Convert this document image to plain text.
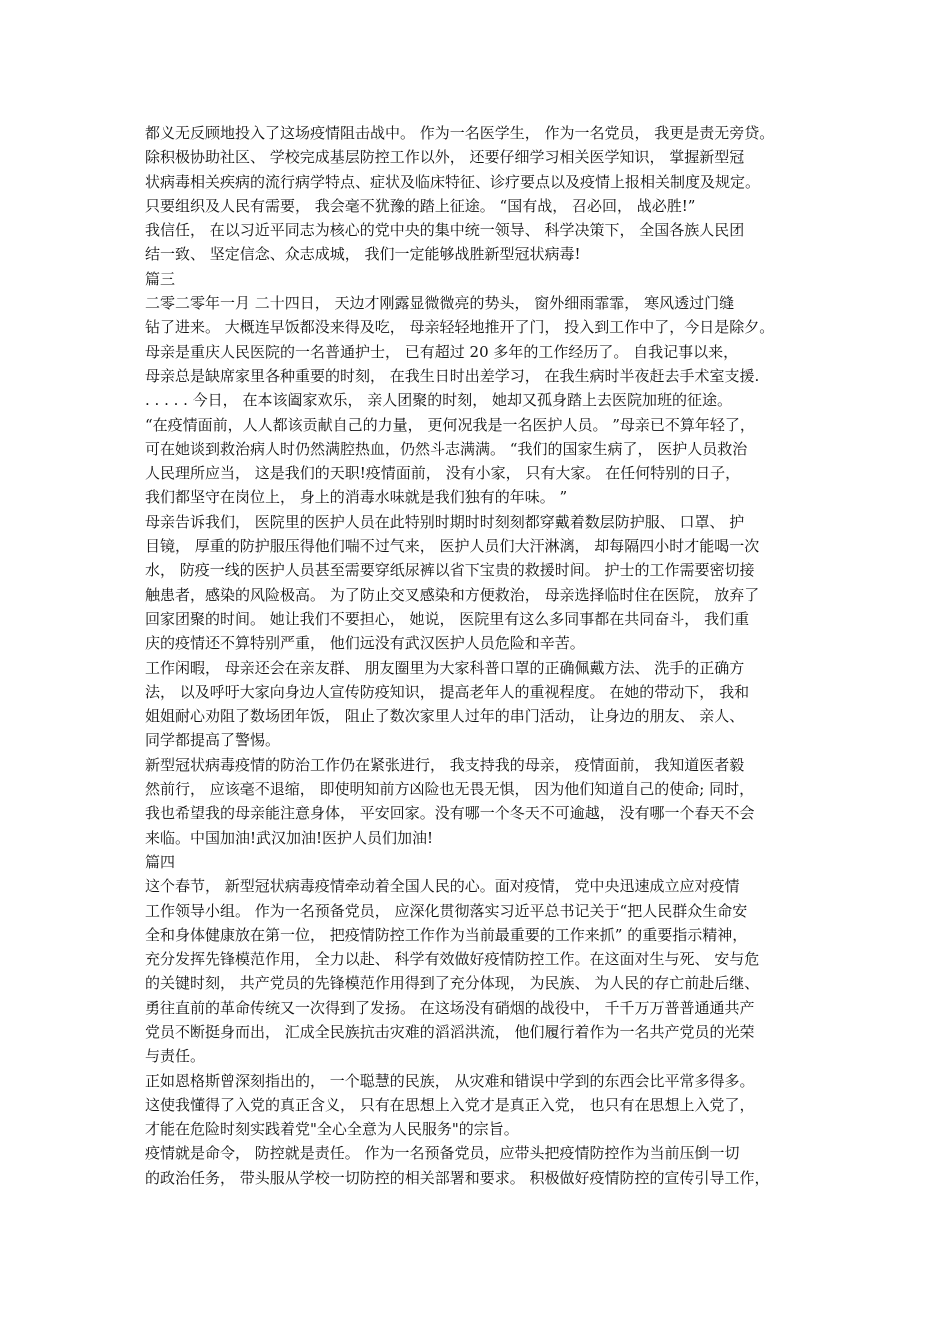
都义无反顾地投入了这场疫情阻击战中。 作为一名医学生， 作为一名党员， 我更是责无旁贷。
除积极协助社区、 学校完成基层防控工作以外， 还要仔细学习相关医学知识， 掌握新型冠
状病毒相关疾病的流行病学特点、症状及临床特征、诊疗要点以及疫情上报相关制度及规定。
只要组织及人民有需要， 我会毫不犹豫的踏上征途。 “国有战， 召必回， 战必胜!”
我信任， 在以习近平同志为核心的党中央的集中统一领导、 科学决策下， 全国各族人民团
结一致、 坚定信念、众志成城， 我们一定能够战胜新型冠状病毒!
篇三
二零二零年一月 二十四日， 天边才刚露显微微亮的势头， 窗外细雨霏霏， 寒风透过门缝
钻了进来。 大概连早饭都没来得及吃， 母亲轻轻地推开了门， 投入到工作中了，今日是除夕。
母亲是重庆人民医院的一名普通护士， 已有超过 20 多年的工作经历了。 自我记事以来，
母亲总是缺席家里各种重要的时刻， 在我生日时出差学习， 在我生病时半夜赶去手术室支援.
. . . . . 今日， 在本该阖家欢乐， 亲人团聚的时刻， 她却又孤身踏上去医院加班的征途。
“在疫情面前，人人都该贡献自己的力量， 更何况我是一名医护人员。 ”母亲已不算年轻了，
可在她谈到救治病人时仍然满腔热血，仍然斗志满满。 “我们的国家生病了， 医护人员救治
人民理所应当， 这是我们的天职!疫情面前， 没有小家， 只有大家。 在任何特别的日子，
我们都坚守在岗位上， 身上的消毒水味就是我们独有的年味。 ”
母亲告诉我们， 医院里的医护人员在此特别时期时时刻刻都穿戴着数层防护服、 口罩、 护
目镜， 厚重的防护服压得他们喘不过气来， 医护人员们大汗淋漓， 却每隔四小时才能喝一次
水， 防疫一线的医护人员甚至需要穿纸尿裤以省下宝贵的救援时间。 护士的工作需要密切接
触患者，感染的风险极高。 为了防止交叉感染和方便救治， 母亲选择临时住在医院， 放弃了
回家团聚的时间。 她让我们不要担心， 她说， 医院里有这么多同事都在共同奋斗， 我们重
庆的疫情还不算特别严重， 他们远没有武汉医护人员危险和辛苦。
工作闲暇， 母亲还会在亲友群、 朋友圈里为大家科普口罩的正确佩戴方法、 洗手的正确方
法， 以及呼吁大家向身边人宣传防疫知识， 提高老年人的重视程度。 在她的带动下， 我和
姐姐耐心劝阻了数场团年饭， 阻止了数次家里人过年的串门活动， 让身边的朋友、 亲人、
同学都提高了警惕。
新型冠状病毒疫情的防治工作仍在紧张进行， 我支持我的母亲， 疫情面前， 我知道医者毅
然前行， 应该毫不退缩， 即使明知前方凶险也无畏无惧， 因为他们知道自己的使命; 同时，
我也希望我的母亲能注意身体， 平安回家。没有哪一个冬天不可逾越， 没有哪一个春天不会
来临。中国加油!武汉加油!医护人员们加油!
篇四
这个春节， 新型冠状病毒疫情牵动着全国人民的心。面对疫情， 党中央迅速成立应对疫情
工作领导小组。 作为一名预备党员， 应深化贯彻落实习近平总书记关于“把人民群众生命安
全和身体健康放在第一位， 把疫情防控工作作为当前最重要的工作来抓” 的重要指示精神，
充分发挥先锋模范作用， 全力以赴、 科学有效做好疫情防控工作。在这面对生与死、 安与危
的关键时刻， 共产党员的先锋模范作用得到了充分体现， 为民族、 为人民的存亡前赴后继、
勇往直前的革命传统又一次得到了发扬。 在这场没有硝烟的战役中， 千千万万普普通通共产
党员不断挺身而出， 汇成全民族抗击灾难的滔滔洪流， 他们履行着作为一名共产党员的光荣
与责任。
正如恩格斯曾深刻指出的， 一个聪慧的民族， 从灾难和错误中学到的东西会比平常多得多。
这使我懂得了入党的真正含义， 只有在思想上入党才是真正入党， 也只有在思想上入党了，
才能在危险时刻实践着党"全心全意为人民服务"的宗旨。
疫情就是命令， 防控就是责任。 作为一名预备党员，应带头把疫情防控作为当前压倒一切
的政治任务， 带头服从学校一切防控的相关部署和要求。 积极做好疫情防控的宣传引导工作，
